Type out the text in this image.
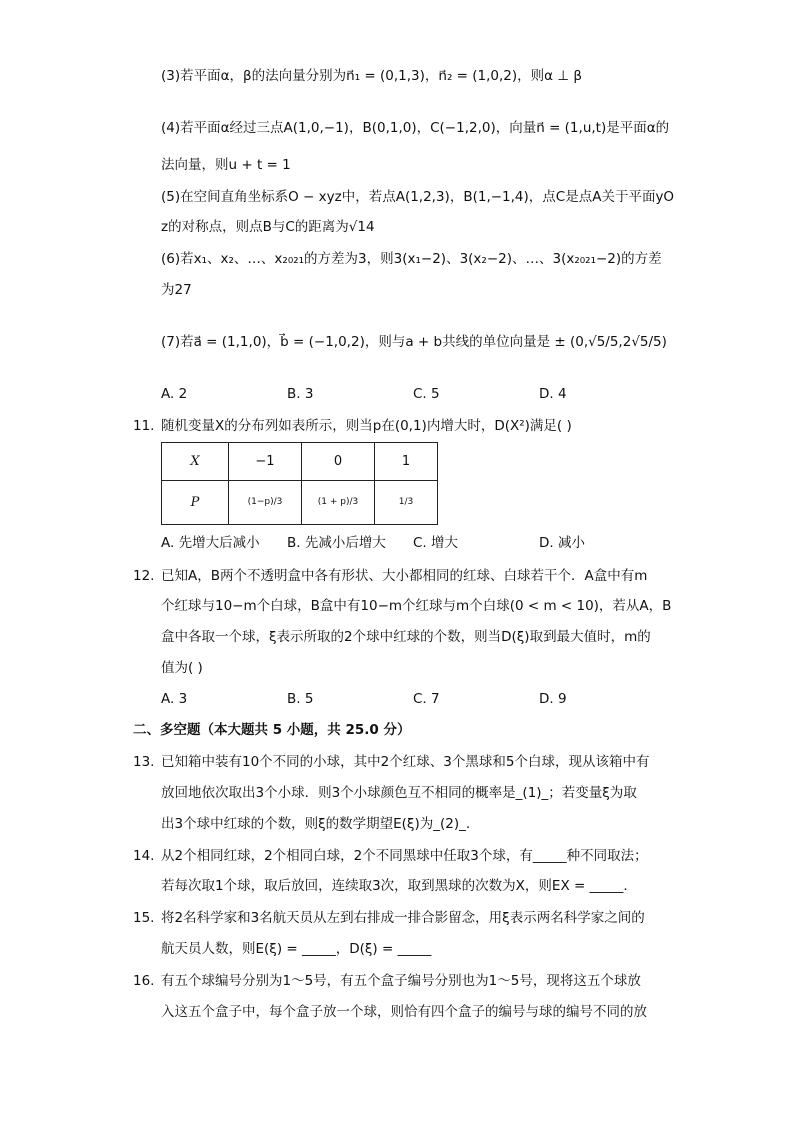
(3)若平面α，β的法向量分别为n⃗₁ = (0,1,3)，n⃗₂ = (1,0,2)，则α ⊥ β
(4)若平面α经过三点A(1,0,−1)，B(0,1,0)，C(−1,2,0)，向量n⃗ = (1,u,t)是平面α的
法向量，则u + t = 1
(5)在空间直角坐标系O − xyz中，若点A(1,2,3)，B(1,−1,4)，点C是点A关于平面yO
z的对称点，则点B与C的距离为√14
(6)若x₁、x₂、…、x₂₀₂₁的方差为3，则3(x₁−2)、3(x₂−2)、…、3(x₂₀₂₁−2)的方差
为27
(7)若a⃗ = (1,1,0)，b⃗ = (−1,0,2)，则与a + b共线的单位向量是 ± (0,√5/5,2√5/5)
A. 2	B. 3	C. 5	D. 4
11. 随机变量X的分布列如表所示，则当p在(0,1)内增大时，D(X²)满足( )
X	−1	0	1
P	(1−p)/3	(1 + p)/3	1/3
A. 先增大后减小 B. 先减小后增大 C. 增大	D. 减小
12. 已知A，B两个不透明盒中各有形状、大小都相同的红球、白球若干个．A盒中有m
个红球与10−m个白球，B盒中有10−m个红球与m个白球(0 < m < 10)，若从A，B
盒中各取一个球，ξ表示所取的2个球中红球的个数，则当D(ξ)取到最大值时，m的
值为( )
A. 3	B. 5	C. 7	D. 9
二、多空题（本大题共 5 小题，共 25.0 分）
13. 已知箱中装有10个不同的小球，其中2个红球、3个黑球和5个白球，现从该箱中有
放回地依次取出3个小球．则3个小球颜色互不相同的概率是_(1)_；若变量ξ为取
出3个球中红球的个数，则ξ的数学期望E(ξ)为_(2)_.
14. 从2个相同红球，2个相同白球，2个不同黑球中任取3个球，有_____种不同取法；
若每次取1个球，取后放回，连续取3次，取到黑球的次数为X，则EX = _____.
15. 将2名科学家和3名航天员从左到右排成一排合影留念，用ξ表示两名科学家之间的
航天员人数，则E(ξ) = _____，D(ξ) = _____
16. 有五个球编号分别为1～5号，有五个盒子编号分别也为1～5号，现将这五个球放
入这五个盒子中，每个盒子放一个球，则恰有四个盒子的编号与球的编号不同的放
